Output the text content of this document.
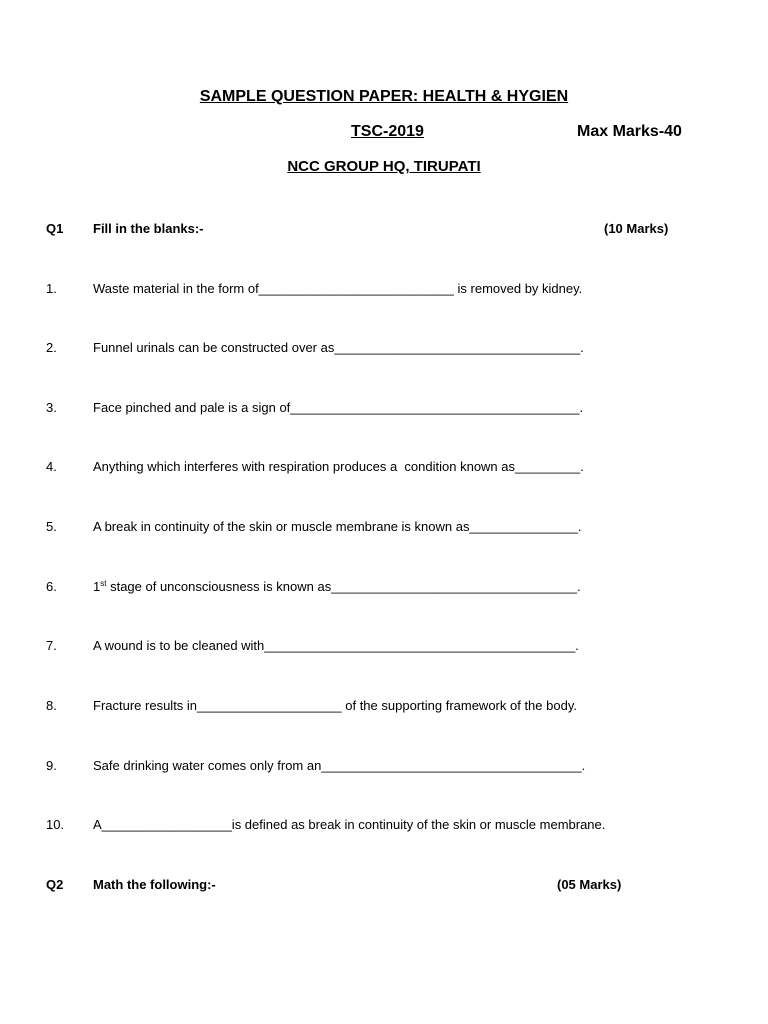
SAMPLE QUESTION PAPER: HEALTH & HYGIEN
TSC-2019	Max Marks-40
NCC GROUP HQ, TIRUPATI
Q1 Fill in the blanks:-	(10 Marks)
1.	Waste material in the form of___________________________ is removed by kidney.
2.	Funnel urinals can be constructed over as__________________________________.
3.	Face pinched and pale is a sign of________________________________________.
4.	Anything which interferes with respiration produces a  condition known as_________.
5.	A break in continuity of the skin or muscle membrane is known as_______________.
6.	1st stage of unconsciousness is known as__________________________________.
7.	A wound is to be cleaned with___________________________________________.
8.	Fracture results in____________________ of the supporting framework of the body.
9.	Safe drinking water comes only from an____________________________________.
10. A__________________is defined as break in continuity of the skin or muscle membrane.
Q2 Math the following:-	(05 Marks)
